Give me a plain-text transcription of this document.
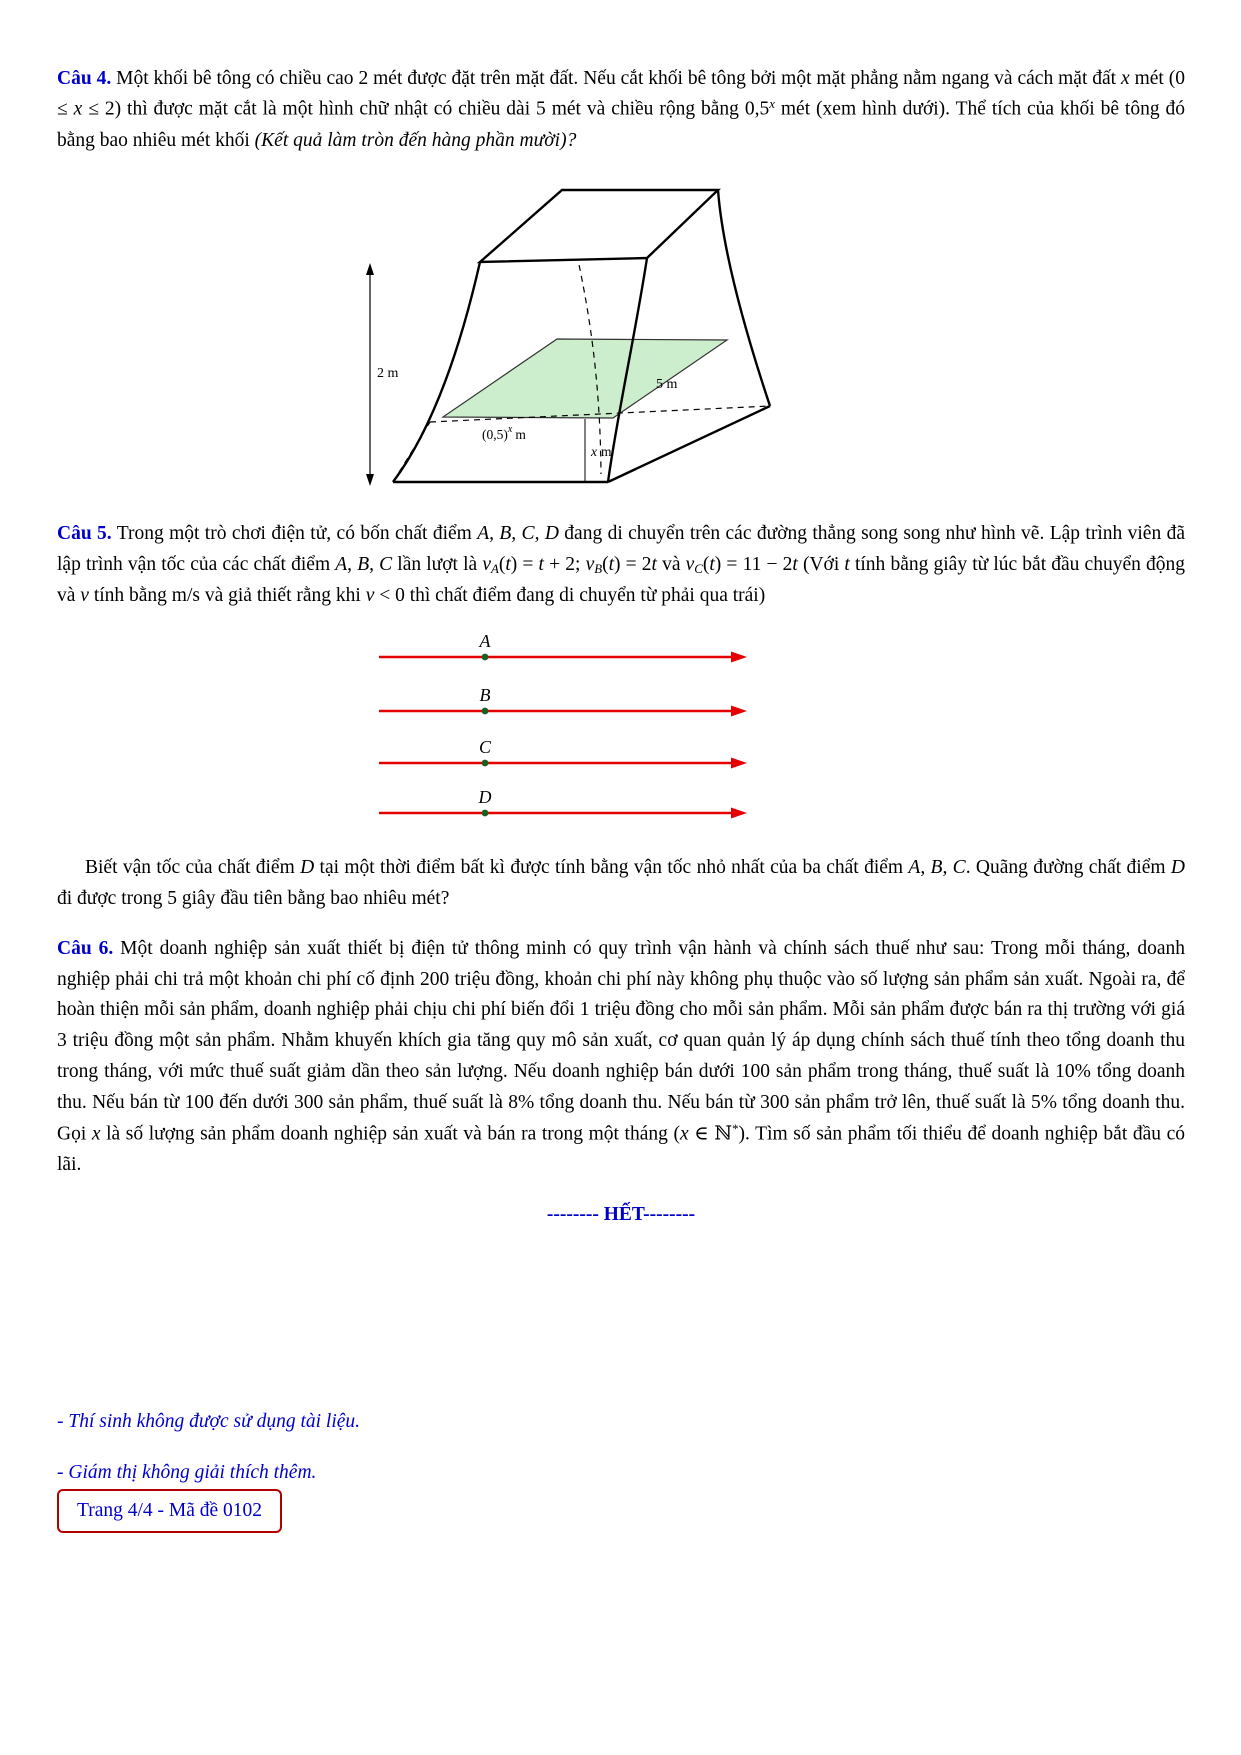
Câu 4. Một khối bê tông có chiều cao 2 mét được đặt trên mặt đất. Nếu cắt khối bê tông bởi một mặt phẳng nằm ngang và cách mặt đất x mét (0 ≤ x ≤ 2) thì được mặt cắt là một hình chữ nhật có chiều dài 5 mét và chiều rộng bằng 0,5$^x$ mét (xem hình dưới). Thể tích của khối bê tông đó bằng bao nhiêu mét khối (Kết quả làm tròn đến hàng phần mười)?

2 m
5 m
$(0,5)^x$ m
x m

Câu 5. Trong một trò chơi điện tử, có bốn chất điểm A, B, C, D đang di chuyển trên các đường thẳng song song như hình vẽ. Lập trình viên đã lập trình vận tốc của các chất điểm A, B, C lần lượt là vA(t) = t + 2; vB(t) = 2t và vC(t) = 11 − 2t (Với t tính bằng giây từ lúc bắt đầu chuyển động và v tính bằng m/s và giả thiết rằng khi v < 0 thì chất điểm đang di chuyển từ phải qua trái)

A
B
C
D

Biết vận tốc của chất điểm D tại một thời điểm bất kì được tính bằng vận tốc nhỏ nhất của ba chất điểm A, B, C. Quãng đường chất điểm D đi được trong 5 giây đầu tiên bằng bao nhiêu mét?

Câu 6. Một doanh nghiệp sản xuất thiết bị điện tử thông minh có quy trình vận hành và chính sách thuế như sau: Trong mỗi tháng, doanh nghiệp phải chi trả một khoản chi phí cố định 200 triệu đồng, khoản chi phí này không phụ thuộc vào số lượng sản phẩm sản xuất. Ngoài ra, để hoàn thiện mỗi sản phẩm, doanh nghiệp phải chịu chi phí biến đổi 1 triệu đồng cho mỗi sản phẩm. Mỗi sản phẩm được bán ra thị trường với giá 3 triệu đồng một sản phẩm. Nhằm khuyến khích gia tăng quy mô sản xuất, cơ quan quản lý áp dụng chính sách thuế tính theo tổng doanh thu trong tháng, với mức thuế suất giảm dần theo sản lượng. Nếu doanh nghiệp bán dưới 100 sản phẩm trong tháng, thuế suất là 10% tổng doanh thu. Nếu bán từ 100 đến dưới 300 sản phẩm, thuế suất là 8% tổng doanh thu. Nếu bán từ 300 sản phẩm trở lên, thuế suất là 5% tổng doanh thu. Gọi x là số lượng sản phẩm doanh nghiệp sản xuất và bán ra trong một tháng (x ∈ ℕ*). Tìm số sản phẩm tối thiểu để doanh nghiệp bắt đầu có lãi.

-------- HẾT--------

- Thí sinh không được sử dụng tài liệu.

- Giám thị không giải thích thêm.

Trang 4/4 - Mã đề 0102
